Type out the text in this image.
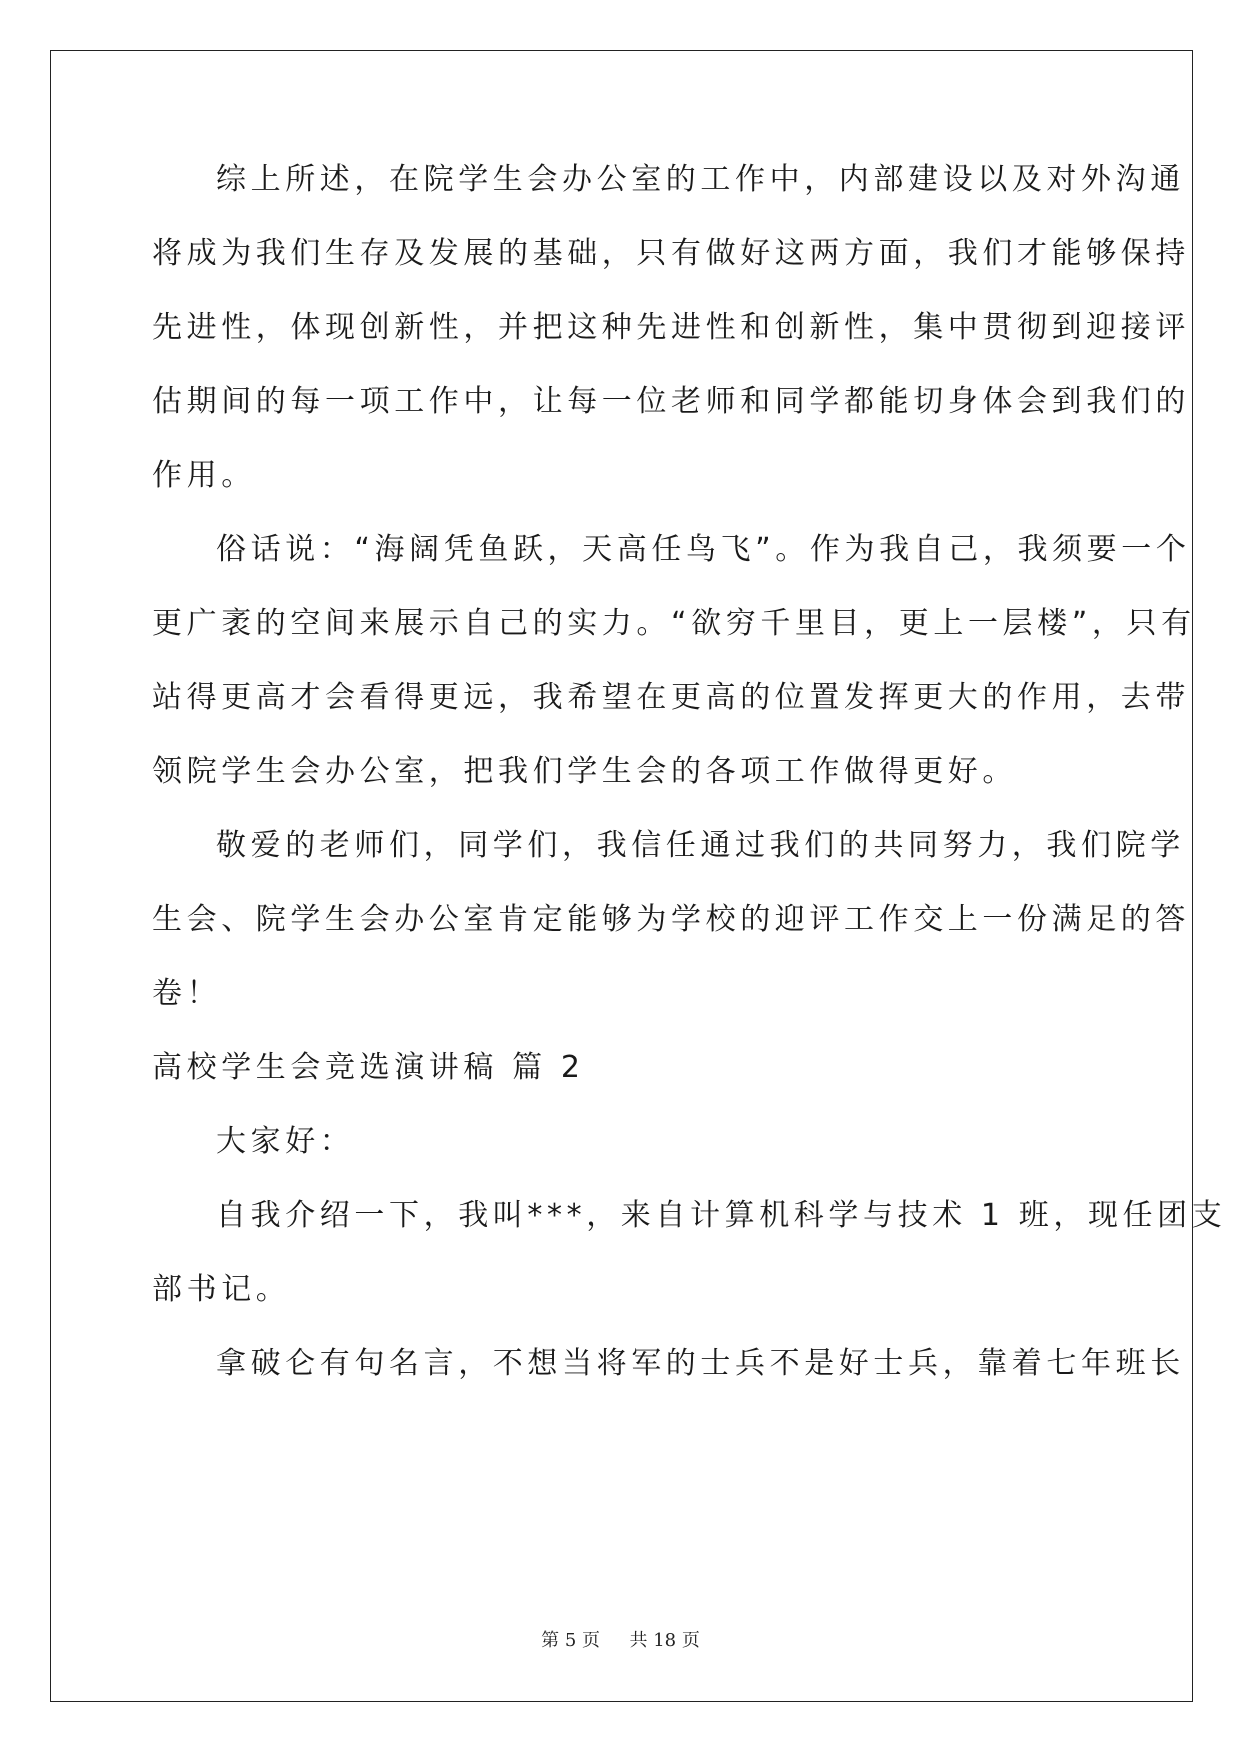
综上所述，在院学生会办公室的工作中，内部建设以及对外沟通
将成为我们生存及发展的基础，只有做好这两方面，我们才能够保持
先进性，体现创新性，并把这种先进性和创新性，集中贯彻到迎接评
估期间的每一项工作中，让每一位老师和同学都能切身体会到我们的
作用。
俗话说：“海阔凭鱼跃，天高任鸟飞”。作为我自己，我须要一个
更广袤的空间来展示自己的实力。“欲穷千里目，更上一层楼”，只有
站得更高才会看得更远，我希望在更高的位置发挥更大的作用，去带
领院学生会办公室，把我们学生会的各项工作做得更好。
敬爱的老师们，同学们，我信任通过我们的共同努力，我们院学
生会、院学生会办公室肯定能够为学校的迎评工作交上一份满足的答
卷！
高校学生会竞选演讲稿 篇 2
大家好：
自我介绍一下，我叫***，来自计算机科学与技术 1 班，现任团支
部书记。
拿破仑有句名言，不想当将军的士兵不是好士兵，靠着七年班长
第 5 页 共 18 页
